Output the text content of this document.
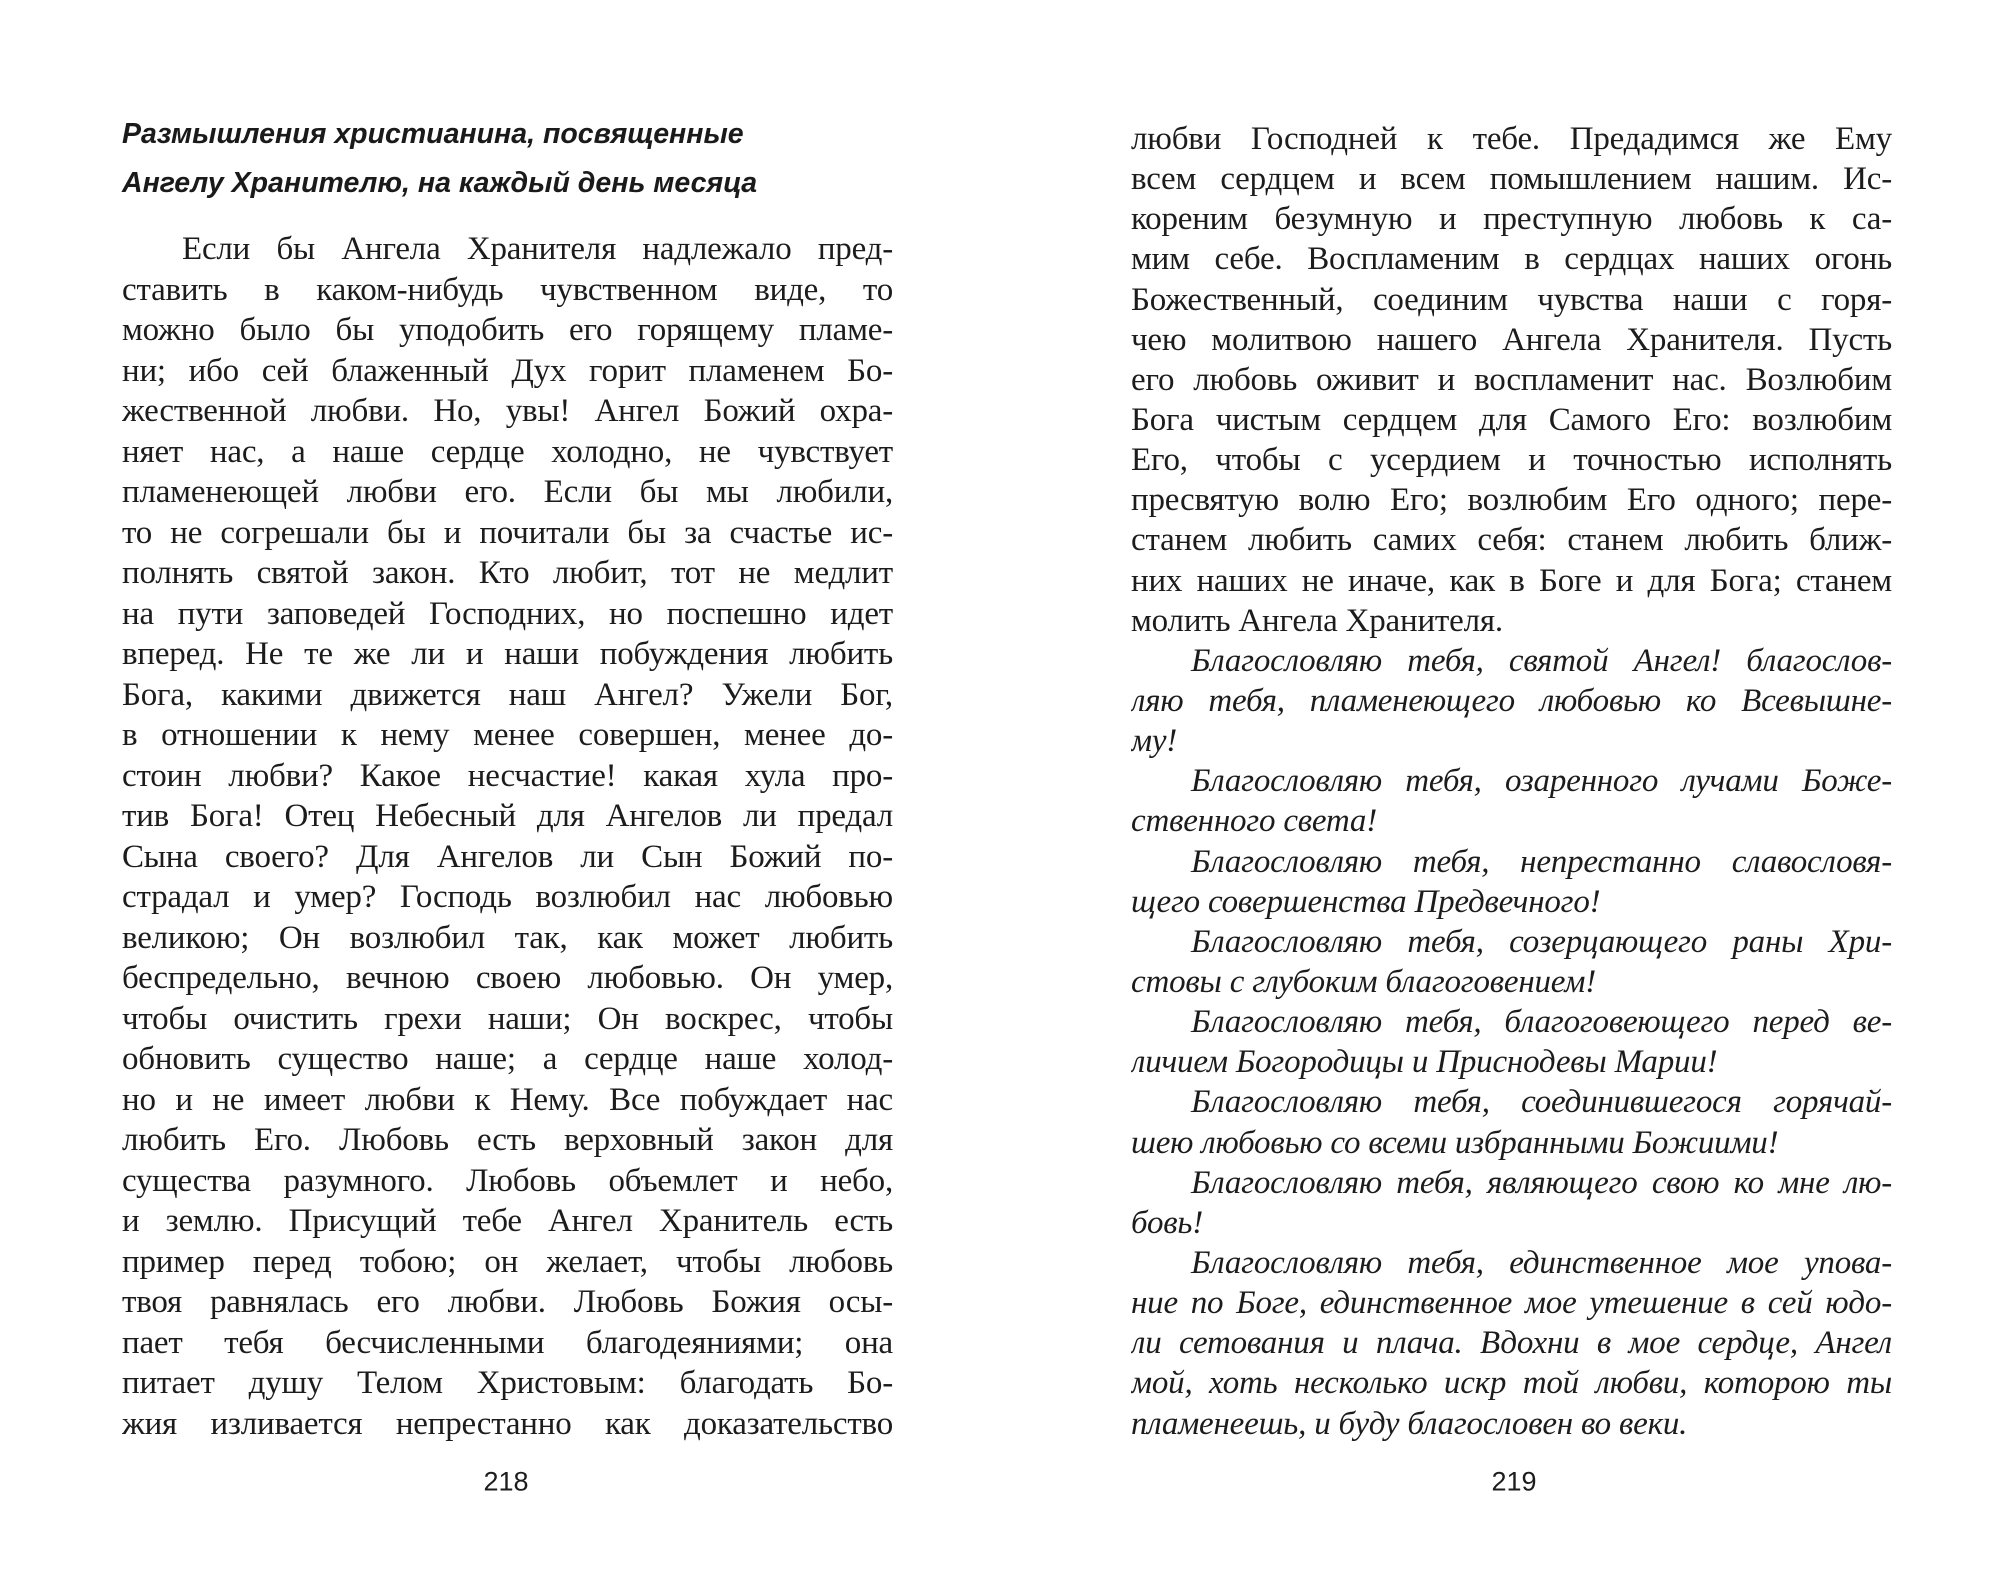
Размышления христианина, посвященные
Ангелу Хранителю, на каждый день месяца
Если бы Ангела Хранителя надлежало пред-
ставить в каком-нибудь чувственном виде, то
можно было бы уподобить его горящему пламе-
ни; ибо сей блаженный Дух горит пламенем Бо-
жественной любви. Но, увы! Ангел Божий охра-
няет нас, а наше сердце холодно, не чувствует
пламенеющей любви его. Если бы мы любили,
то не согрешали бы и почитали бы за счастье ис-
полнять святой закон. Кто любит, тот не медлит
на пути заповедей Господних, но поспешно идет
вперед. Не те же ли и наши побуждения любить
Бога, какими движется наш Ангел? Ужели Бог,
в отношении к нему менее совершен, менее до-
стоин любви? Какое несчастие! какая хула про-
тив Бога! Отец Небесный для Ангелов ли предал
Сына своего? Для Ангелов ли Сын Божий по-
страдал и умер? Господь возлюбил нас любовью
великою; Он возлюбил так, как может любить
беспредельно, вечною своею любовью. Он умер,
чтобы очистить грехи наши; Он воскрес, чтобы
обновить существо наше; а сердце наше холод-
но и не имеет любви к Нему. Все побуждает нас
любить Его. Любовь есть верховный закон для
существа разумного. Любовь объемлет и небо,
и землю. Присущий тебе Ангел Хранитель есть
пример перед тобою; он желает, чтобы любовь
твоя равнялась его любви. Любовь Божия осы-
пает тебя бесчисленными благодеяниями; она
питает душу Телом Христовым: благодать Бо-
жия изливается непрестанно как доказательство
любви Господней к тебе. Предадимся же Ему
всем сердцем и всем помышлением нашим. Ис-
кореним безумную и преступную любовь к са-
мим себе. Воспламеним в сердцах наших огонь
Божественный, соединим чувства наши с горя-
чею молитвою нашего Ангела Хранителя. Пусть
его любовь оживит и воспламенит нас. Возлюбим
Бога чистым сердцем для Самого Его: возлюбим
Его, чтобы с усердием и точностью исполнять
пресвятую волю Его; возлюбим Его одного; пере-
станем любить самих себя: станем любить ближ-
них наших не иначе, как в Боге и для Бога; станем
молить Ангела Хранителя.
Благословляю тебя, святой Ангел! благослов-
ляю тебя, пламенеющего любовью ко Всевышне-
му!
Благословляю тебя, озаренного лучами Боже-
ственного света!
Благословляю тебя, непрестанно славословя-
щего совершенства Предвечного!
Благословляю тебя, созерцающего раны Хри-
стовы с глубоким благоговением!
Благословляю тебя, благоговеющего перед ве-
личием Богородицы и Приснодевы Марии!
Благословляю тебя, соединившегося горячай-
шею любовью со всеми избранными Божиими!
Благословляю тебя, являющего свою ко мне лю-
бовь!
Благословляю тебя, единственное мое упова-
ние по Боге, единственное мое утешение в сей юдо-
ли сетования и плача. Вдохни в мое сердце, Ангел
мой, хоть несколько искр той любви, которою ты
пламенеешь, и буду благословен во веки.
218	219
